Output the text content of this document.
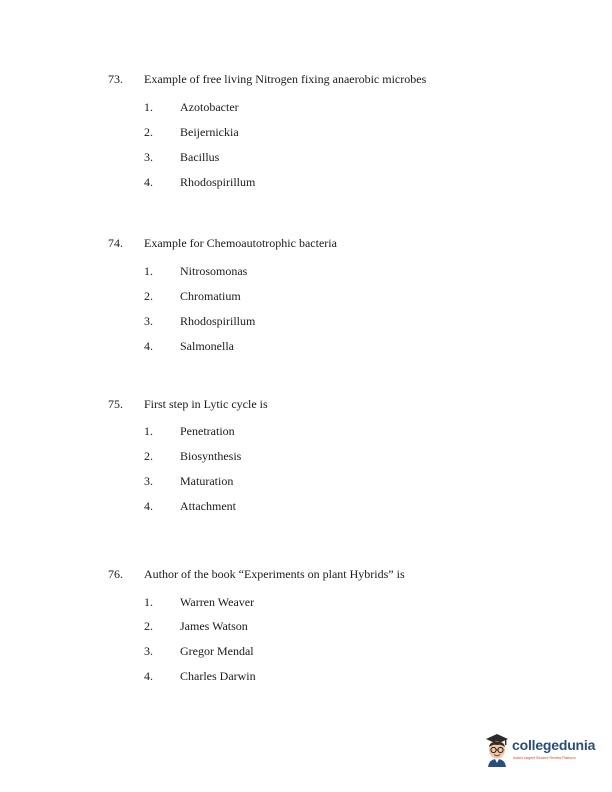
73. Example of free living Nitrogen fixing anaerobic microbes
1. Azotobacter
2. Beijernickia
3. Bacillus
4. Rhodospirillum
74. Example for Chemoautotrophic bacteria
1. Nitrosomonas
2. Chromatium
3. Rhodospirillum
4. Salmonella
75. First step in Lytic cycle is
1. Penetration
2. Biosynthesis
3. Maturation
4. Attachment
76. Author of the book “Experiments on plant Hybrids” is
1. Warren Weaver
2. James Watson
3. Gregor Mendal
4. Charles Darwin
collegedunia
India's largest Student Review Platform
